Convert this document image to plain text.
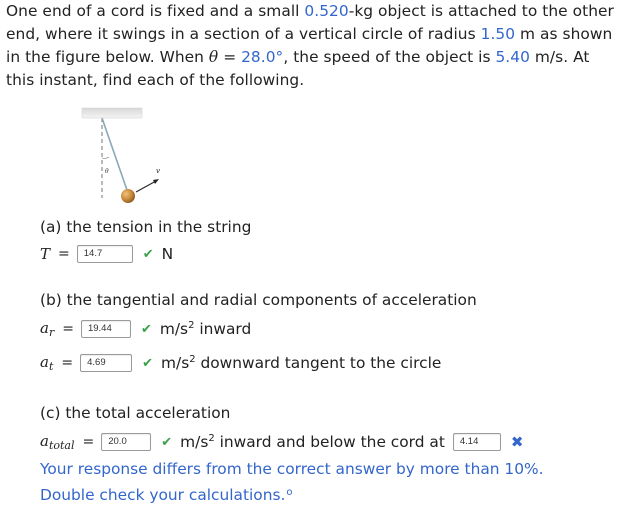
One end of a cord is fixed and a small 0.520-kg object is attached to the other end, where it swings in a section of a vertical circle of radius 1.50 m as shown in the figure below. When θ = 28.0°, the speed of the object is 5.40 m/s. At this instant, find each of the following.
θ	v
(a) the tension in the string
T =	14.7	✔ N
(b) the tangential and radial components of acceleration
$a_r$ =	19.44	✔ $m/s^2$ inward
$a_t$ =	4.69	✔ $m/s^2$ downward tangent to the circle
(c) the total acceleration
$a_{total}$ =	20.0	✔ $m/s^2$ inward and below the cord at	4.14	✖
Your response differs from the correct answer by more than 10%.
Double check your calculations.$^o$
